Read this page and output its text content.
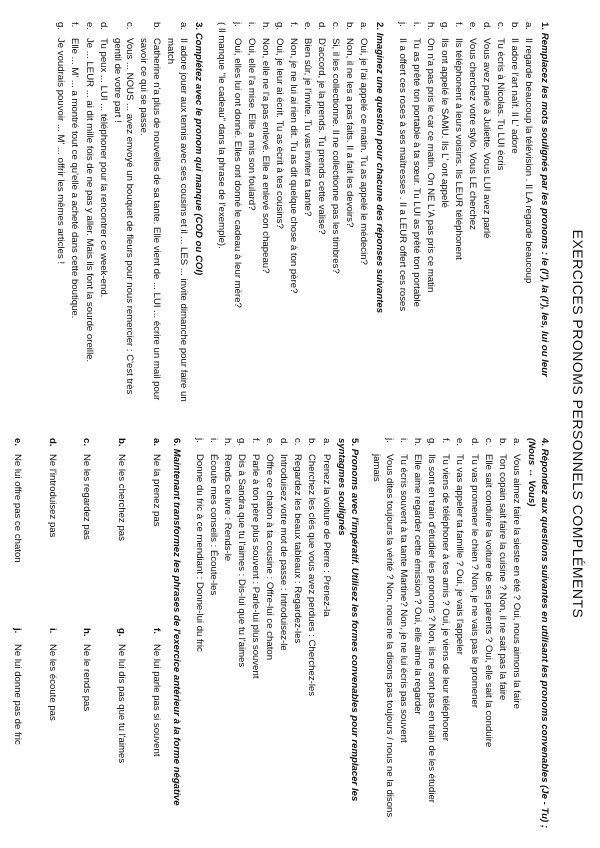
EXERCICES PRONOMS PERSONNELS COMPLÉMENTS
1. Remplacez les mots soulignés par les pronoms : le (l'), la (l'), les, lui ou leur
a.
Il regarde beaucoup la télévision . Il LA regarde beaucoup
b.
Il adore l'art naïf. Il L' adore
c.
Tu écris à Nicolas. Tu LUI écris
d.
Vous avez parlé à Juliette. Vous LUI avez parlé
e.
Vous cherchez votre stylo. Vous LE cherchez
f.
Ils téléphonent à leurs voisins. Ils LEUR téléphonent
g.
Ils ont appelé le SAMU. Ils L' ont appelé
h.
On n'a pas pris le car ce matin. On NE L'A pas pris ce matin
i.
Tu as prêté ton portable à ta sœur. Tu LUI as prêté ton portable
j.
Il a offert ces roses à ses maîtresses . Il a LEUR offert ces roses
2. Imaginez une question pour chacune des réponses suivantes
a.
Oui, je l'ai appelé ce matin. Tu as appelé le médecin?
b.
Non, il ne les a pas faits. Il a fait les devoirs?
c.
Si, il les collectionne. Il ne collectionne pas les timbres?
d.
D'accord, je la prends. Tu prends cette valise?
e.
Bien sûr, je l'invite. Tu vas inviter ta tante?
f.
Non, je ne lui ai rien dit. Tu as dit quelque chose à ton père?
g.
Oui, je leur ai écrit. Tu as écrit à tes cousins?
h.
Non, elle ne l'a pas enlevé. Elle a enlevé son chapeau?
i.
Oui, elle l'a mise. Elle a mis son foulard?
j.
Oui, elles lui ont donné. Elles ont donné le cadeau à leur mère?
( Il manque "le cadeau" dans la phrase de l'exemple).
3. Complétez avec le pronom qui manque (COD ou COI)
a.
Il adore jouer aux tennis avec ses cousins et il ... LES ... invite dimanche pour faire un match
b.
Catherine n'a plus de nouvelles de sa tante. Elle vient de ... LUI ... écrire un mail pour savoir ce qui se passe.
c.
Vous ... NOUS ... avez envoyé un bouquet de fleurs pour nous remercier : C'est très gentil de votre part !
d.
Tu peux ... LUI ... téléphoner pour la rencontrer ce week-end.
e.
Je ... LEUR ... ai dit mille fois de ne pas y aller. Mais ils font la sourde oreille.
f.
Elle ... M' ... a montré tout ce qu'elle a acheté dans cette boutique.
g.
Je voudrais pouvoir ... M' ... offrir les mêmes articles !
4. Répondez aux questions suivantes en utilisant les pronoms convenables (Je - Tu) ; (Nous ↔ Vous)
a.
Vous aimez faire la sieste en été ? Oui, nous aimons la faire
b.
Ton copain sait faire la cuisine ? Non, il ne sait pas la faire
c.
Elle sait conduire la voiture de ses parents ? Oui, elle sait la conduire
d.
Tu vas promener le chien ? Non, je ne vais pas le promener
e.
Tu vas appeler ta famille ? Oui, je vais l'appeler
f.
Tu viens de téléphoner à tes amis ? Oui, je viens de leur téléphoner
g.
Ils sont en train d'étudier les pronoms ? Non, ils ne sont pas en train de les étudier
h.
Elle aime regarder cette émission ? Oui, elle aime la regarder
i.
Tu écris souvent à ta tante Martine? Non, je ne lui écris pas souvent
j.
Vous dites toujours la vérité ? Non, nous ne la disons pas toujours / nous ne la disons jamais
5. Pronoms avec l'impératif. Utilisez les formes convenables pour remplacer les syntagmes soulignés
a.
Prenez la voiture de Pierre : Prenez-la
b.
Cherchez les clés que vous avez perdues : Cherchez-les
c.
Regardez les beaux tableaux : Regardez-les
d.
Introduisez votre mot de passe : Introduisez-le
e.
Offre ce chaton à ta cousine : Offre-lui ce chaton
f.
Parle à ton père plus souvent : Parle-lui plus souvent
g.
Dis à Sandra que tu l'aimes : Dis-lui que tu l'aimes
h.
Rends ce livre : Rends-le
i.
Écoute mes conseils : Écoute-les
j.
Donne du fric à ce mendiant : Donne-lui du fric
6. Maintenant transformez les phrases de l'exercice antérieur à la forme négative
a.
Ne la prenez pas
f.
Ne lui parle pas si souvent
b.
Ne les cherchez pas
g.
Ne lui dis pas que tu l'aimes
c.
Ne les regardez pas
h.
Ne le rends pas
d.
Ne l'introduisez pas
i.
Ne les écoute pas
e.
Ne lui offre pas ce chaton
j.
Ne lui donne pas de fric
